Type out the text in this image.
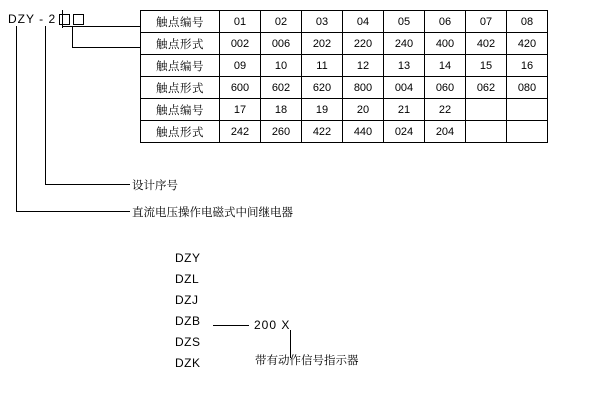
DZY - 2	触点编号	01	02	03	04	05	06	07	08
触点形式	002	006	202	220	240	400	402	420
触点编号	09	10	11	12	13	14	15	16
触点形式	600	602	620	800	004	060	062	080
触点编号	17	18	19	20	21	22		
触点形式	242	260	422	440	024	204		
设计序号
直流电压操作电磁式中间继电器
DZY
DZL
DZJ
DZB
DZS
DZK
200 X
带有动作信号指示器
